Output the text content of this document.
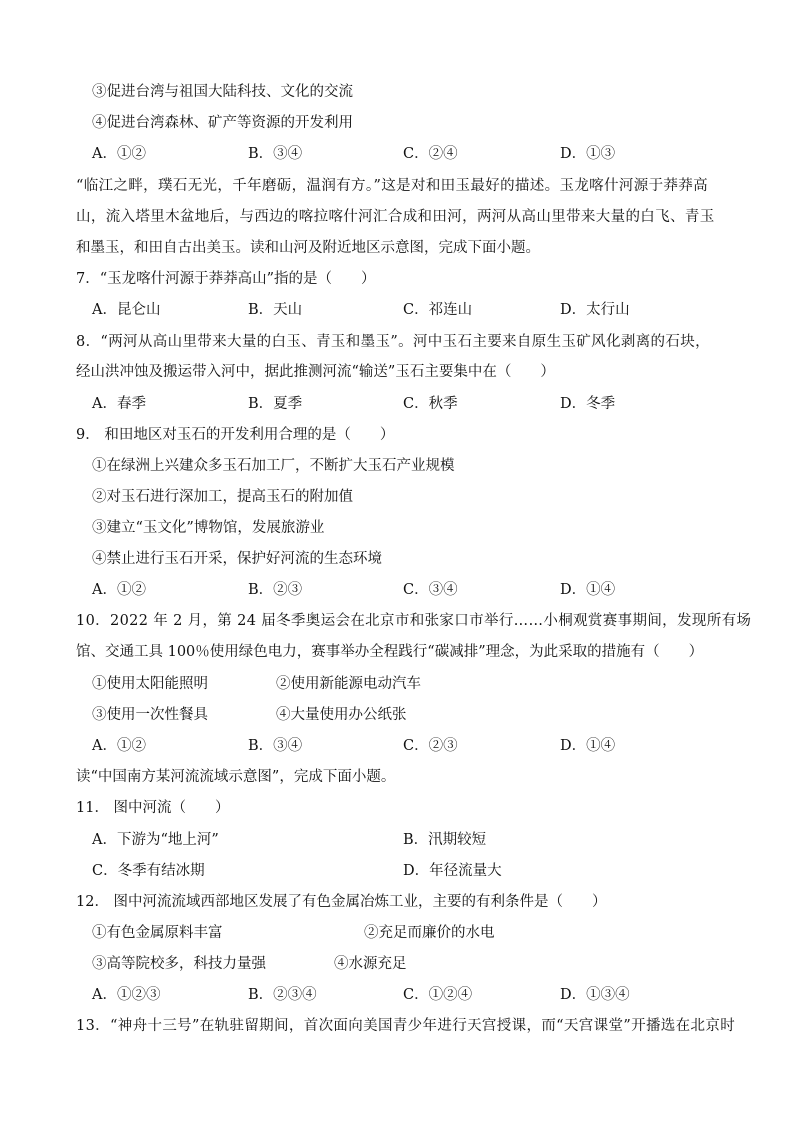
③促进台湾与祖国大陆科技、文化的交流
④促进台湾森林、矿产等资源的开发利用
A．①②	B．③④	C．②④	D．①③
“临江之畔，璞石无光，千年磨砺，温润有方。”这是对和田玉最好的描述。玉龙喀什河源于莽莽高
山，流入塔里木盆地后，与西边的喀拉喀什河汇合成和田河，两河从高山里带来大量的白飞、青玉
和墨玉，和田自古出美玉。读和山河及附近地区示意图，完成下面小题。
7．“玉龙喀什河源于莽莽高山”指的是（　　）
A．昆仑山	B．天山	C．祁连山	D．太行山
8．“两河从高山里带来大量的白玉、青玉和墨玉”。河中玉石主要来自原生玉矿风化剥离的石块，
经山洪冲蚀及搬运带入河中，据此推测河流“输送”玉石主要集中在（　　）
A．春季	B．夏季	C．秋季	D．冬季
9． 和田地区对玉石的开发利用合理的是（　　）
①在绿洲上兴建众多玉石加工厂，不断扩大玉石产业规模
②对玉石进行深加工，提高玉石的附加值
③建立“玉文化”博物馆，发展旅游业
④禁止进行玉石开采，保护好河流的生态环境
A．①②	B．②③	C．③④	D．①④
10．2022 年 2 月，第 24 届冬季奥运会在北京市和张家口市举行……小桐观赏赛事期间，发现所有场
馆、交通工具 100％使用绿色电力，赛事举办全程践行“碳减排”理念，为此采取的措施有（　　）
①使用太阳能照明	②使用新能源电动汽车
③使用一次性餐具	④大量使用办公纸张
A．①②	B．③④	C．②③	D．①④
读“中国南方某河流流域示意图”，完成下面小题。
11． 图中河流（　　）
A．下游为“地上河”	B．汛期较短
C．冬季有结冰期	D．年径流量大
12． 图中河流流域西部地区发展了有色金属冶炼工业，主要的有利条件是（　　）
①有色金属原料丰富	②充足而廉价的水电
③高等院校多，科技力量强	④水源充足
A．①②③	B．②③④	C．①②④	D．①③④
13．“神舟十三号”在轨驻留期间，首次面向美国青少年进行天宫授课，而“天宫课堂”开播选在北京时
